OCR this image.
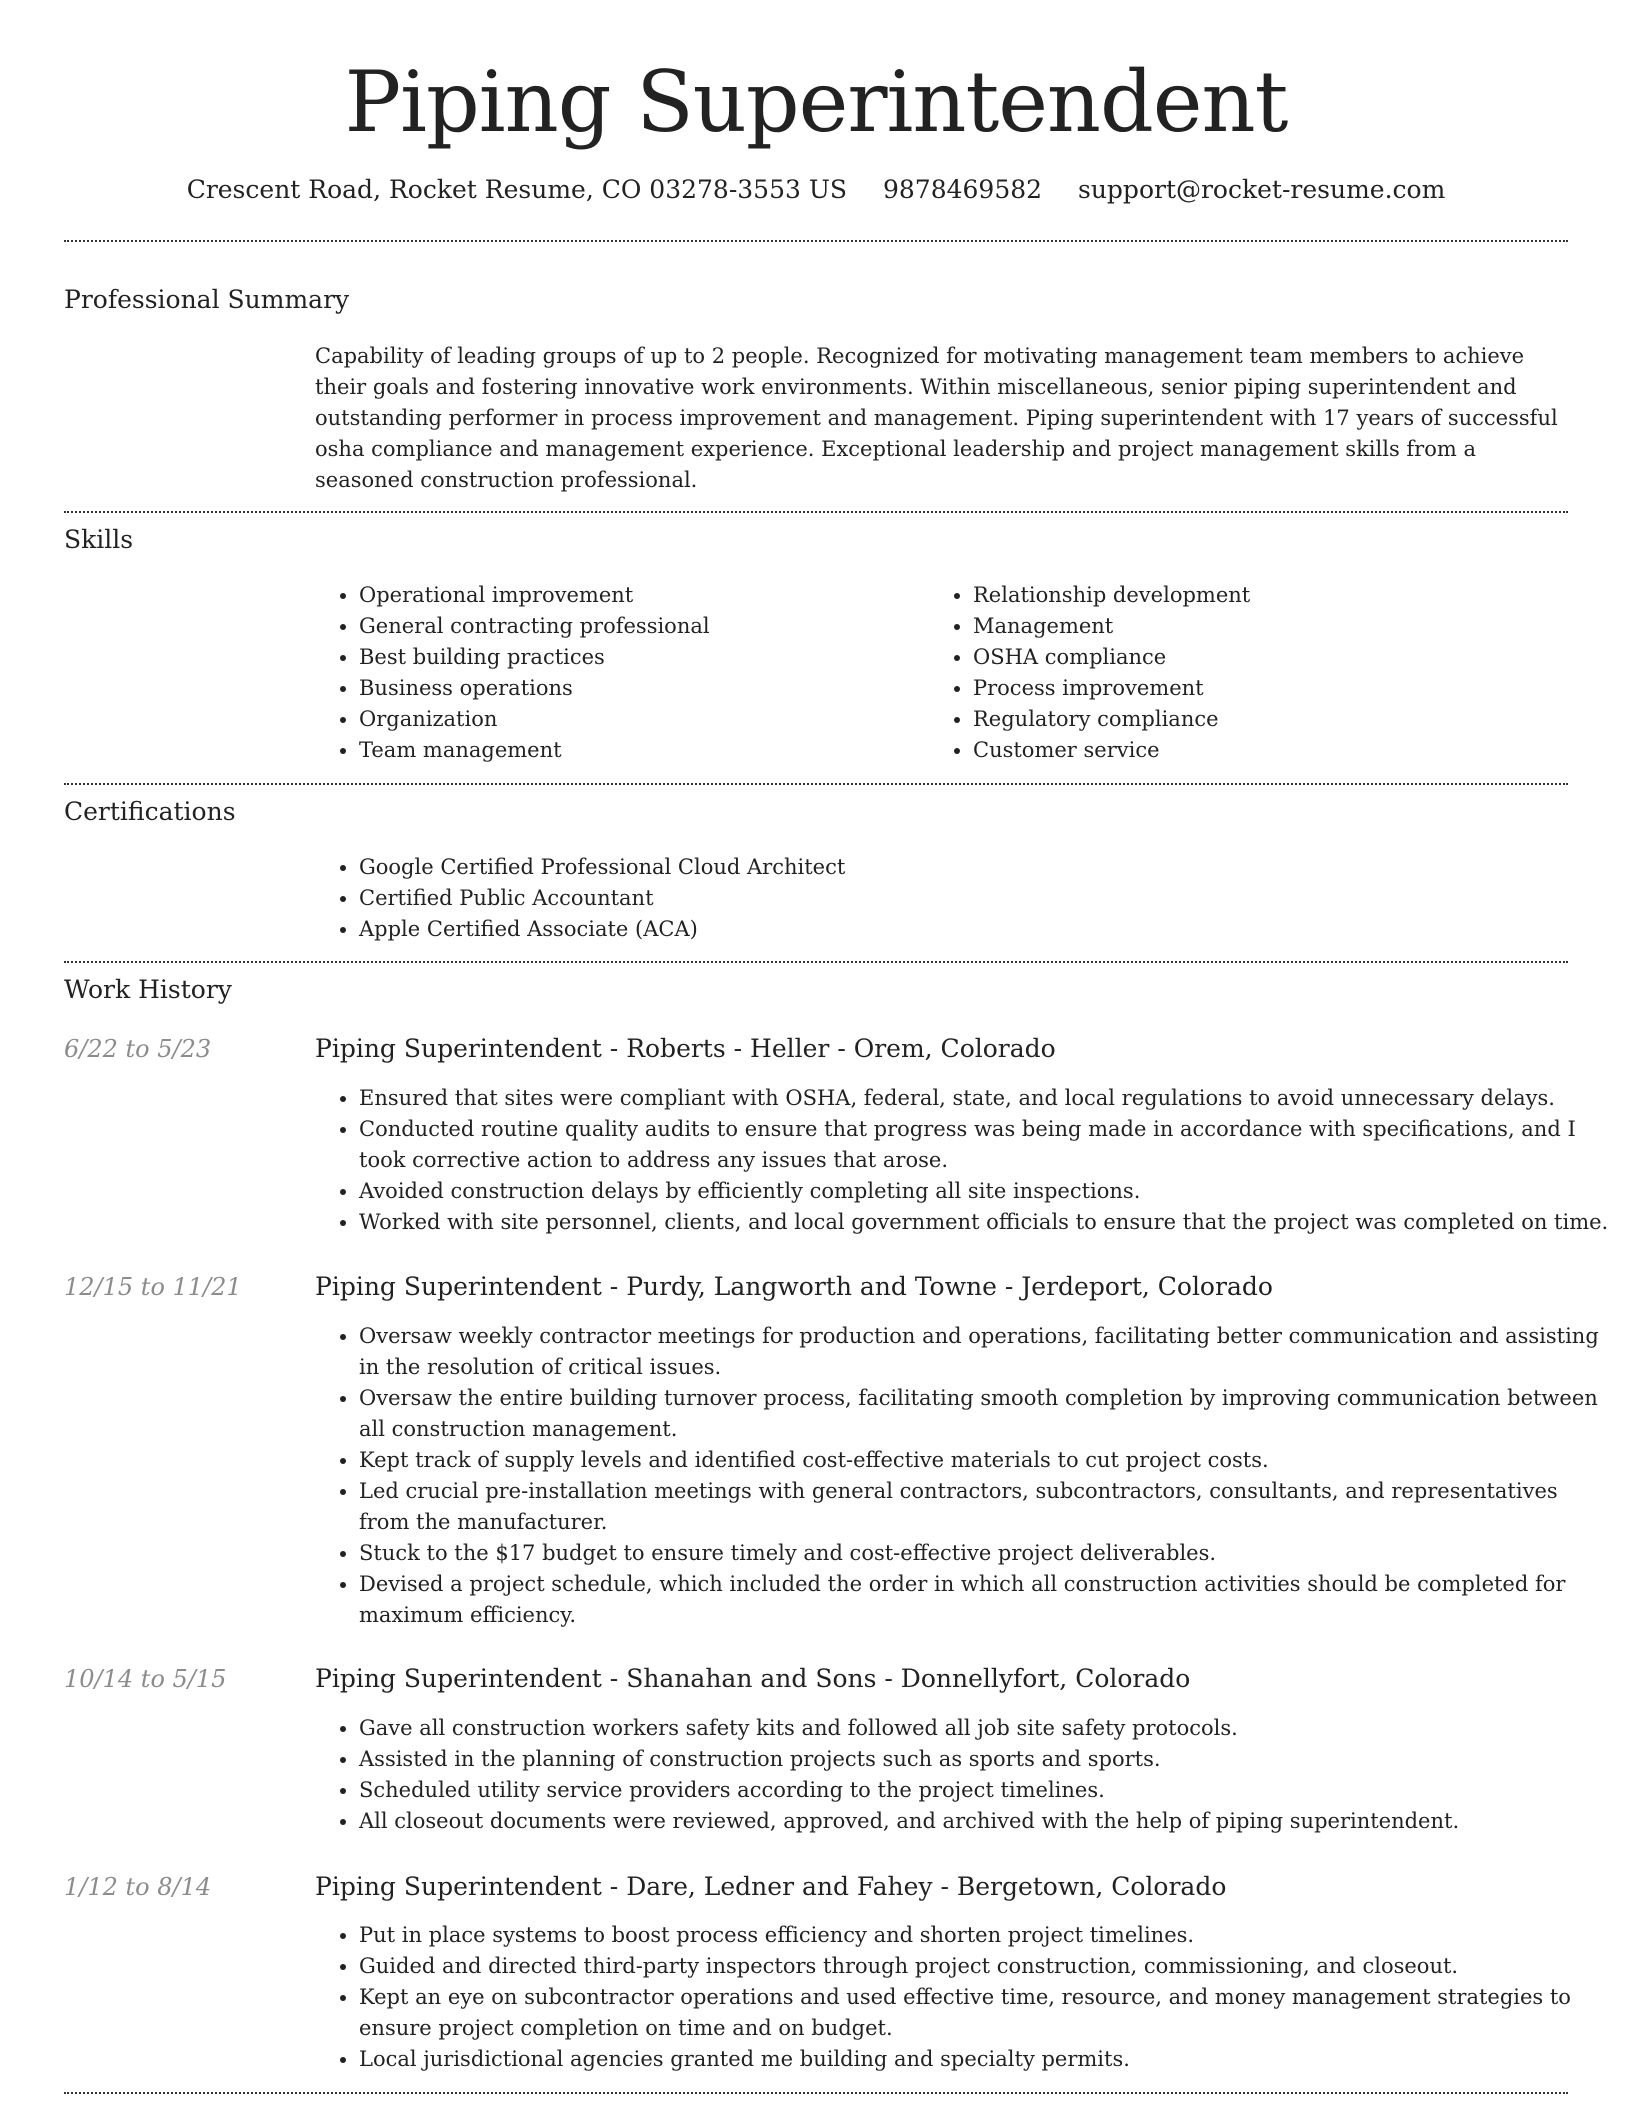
Piping Superintendent
Crescent Road, Rocket Resume, CO 03278-3553 US 9878469582 support@rocket-resume.com
Professional Summary

Capability of leading groups of up to 2 people. Recognized for motivating management team members to achieve their goals and fostering innovative work environments. Within miscellaneous, senior piping superintendent and outstanding performer in process improvement and management. Piping superintendent with 17 years of successful osha compliance and management experience. Exceptional leadership and project management skills from a seasoned construction professional.

Skills
• Operational improvement
• General contracting professional
• Best building practices
• Business operations
• Organization
• Team management
• Relationship development
• Management
• OSHA compliance
• Process improvement
• Regulatory compliance
• Customer service
Certifications
• Google Certified Professional Cloud Architect
• Certified Public Accountant
• Apple Certified Associate (ACA)
Work History
6/22 to 5/23	Piping Superintendent - Roberts - Heller - Orem, Colorado
• Ensured that sites were compliant with OSHA, federal, state, and local regulations to avoid unnecessary delays.
• Conducted routine quality audits to ensure that progress was being made in accordance with specifications, and I took corrective action to address any issues that arose.
• Avoided construction delays by efficiently completing all site inspections.
• Worked with site personnel, clients, and local government officials to ensure that the project was completed on time.
12/15 to 11/21	Piping Superintendent - Purdy, Langworth and Towne - Jerdeport, Colorado
• Oversaw weekly contractor meetings for production and operations, facilitating better communication and assisting in the resolution of critical issues.
• Oversaw the entire building turnover process, facilitating smooth completion by improving communication between all construction management.
• Kept track of supply levels and identified cost-effective materials to cut project costs.
• Led crucial pre-installation meetings with general contractors, subcontractors, consultants, and representatives from the manufacturer.
• Stuck to the $17 budget to ensure timely and cost-effective project deliverables.
• Devised a project schedule, which included the order in which all construction activities should be completed for maximum efficiency.
10/14 to 5/15	Piping Superintendent - Shanahan and Sons - Donnellyfort, Colorado
• Gave all construction workers safety kits and followed all job site safety protocols.
• Assisted in the planning of construction projects such as sports and sports.
• Scheduled utility service providers according to the project timelines.
• All closeout documents were reviewed, approved, and archived with the help of piping superintendent.
1/12 to 8/14	Piping Superintendent - Dare, Ledner and Fahey - Bergetown, Colorado
• Put in place systems to boost process efficiency and shorten project timelines.
• Guided and directed third-party inspectors through project construction, commissioning, and closeout.
• Kept an eye on subcontractor operations and used effective time, resource, and money management strategies to ensure project completion on time and on budget.
• Local jurisdictional agencies granted me building and specialty permits.
